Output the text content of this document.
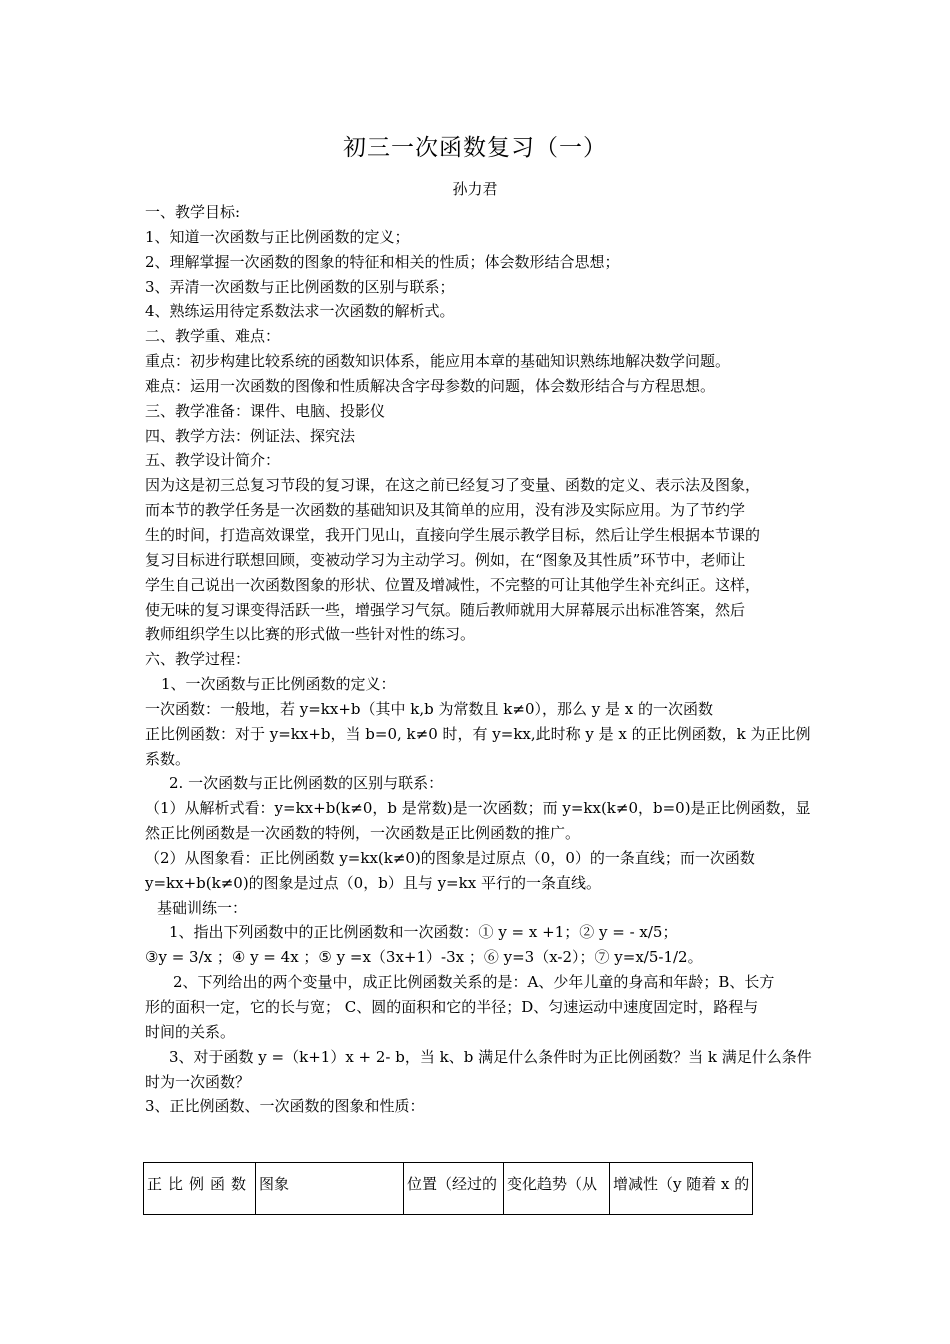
初三一次函数复习（一）
孙力君

一、教学目标:

1、知道一次函数与正比例函数的定义；

2、理解掌握一次函数的图象的特征和相关的性质；体会数形结合思想；

3、弄清一次函数与正比例函数的区别与联系；

4、熟练运用待定系数法求一次函数的解析式。

二、教学重、难点：

重点：初步构建比较系统的函数知识体系，能应用本章的基础知识熟练地解决数学问题。

难点：运用一次函数的图像和性质解决含字母参数的问题，体会数形结合与方程思想。

三、教学准备：课件、电脑、投影仪

四、教学方法：例证法、探究法

五、教学设计简介：

因为这是初三总复习节段的复习课，在这之前已经复习了变量、函数的定义、表示法及图象，

而本节的教学任务是一次函数的基础知识及其简单的应用，没有涉及实际应用。为了节约学

生的时间，打造高效课堂，我开门见山，直接向学生展示教学目标，然后让学生根据本节课的

复习目标进行联想回顾，变被动学习为主动学习。例如，在“图象及其性质”环节中，老师让

学生自己说出一次函数图象的形状、位置及增减性，不完整的可让其他学生补充纠正。这样，

使无味的复习课变得活跃一些，增强学习气氛。随后教师就用大屏幕展示出标准答案，然后

教师组织学生以比赛的形式做一些针对性的练习。

六、教学过程：

1、一次函数与正比例函数的定义：

一次函数：一般地，若 y=kx+b（其中 k,b 为常数且 k≠0），那么 y 是 x 的一次函数

正比例函数：对于 y=kx+b，当 b=0, k≠0 时，有 y=kx,此时称 y 是 x 的正比例函数，k 为正比例

系数。

2. 一次函数与正比例函数的区别与联系：

（1）从解析式看：y=kx+b(k≠0，b 是常数)是一次函数；而 y=kx(k≠0，b=0)是正比例函数，显

然正比例函数是一次函数的特例，一次函数是正比例函数的推广。

（2）从图象看：正比例函数 y=kx(k≠0)的图象是过原点（0，0）的一条直线；而一次函数

y=kx+b(k≠0)的图象是过点（0，b）且与 y=kx 平行的一条直线。

基础训练一：

1、指出下列函数中的正比例函数和一次函数：① y = x +1；② y = - x/5；

③y = 3/x ；④ y = 4x ；⑤ y =x（3x+1）-3x ；⑥ y=3（x-2）；⑦ y=x/5-1/2。

2、下列给出的两个变量中，成正比例函数关系的是：A、少年儿童的身高和年龄；B、长方

形的面积一定，它的长与宽； C、圆的面积和它的半径；D、匀速运动中速度固定时，路程与

时间的关系。

3、对于函数 y =（k+1）x + 2- b，当 k、b 满足什么条件时为正比例函数？当 k 满足什么条件

时为一次函数？

3、正比例函数、一次函数的图象和性质：

正比例函数	图象	位置（经过的	变化趋势（从	增减性（y 随着 x 的
